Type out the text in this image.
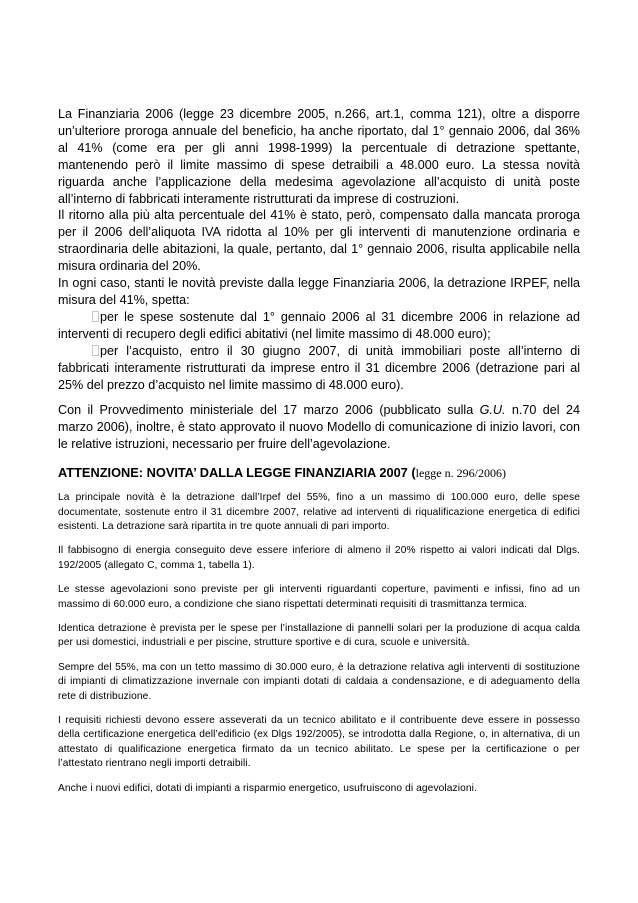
La Finanziaria 2006 (legge 23 dicembre 2005, n.266, art.1, comma 121), oltre a disporre un’ulteriore proroga annuale del beneficio, ha anche riportato, dal 1° gennaio 2006, dal 36% al 41% (come era per gli anni 1998-1999) la percentuale di detrazione spettante, mantenendo però il limite massimo di spese detraibili a 48.000 euro. La stessa novità riguarda anche l’applicazione della medesima agevolazione all’acquisto di unità poste all’interno di fabbricati interamente ristrutturati da imprese di costruzioni.

Il ritorno alla più alta percentuale del 41% è stato, però, compensato dalla mancata proroga per il 2006 dell’aliquota IVA ridotta al 10% per gli interventi di manutenzione ordinaria e straordinaria delle abitazioni, la quale, pertanto, dal 1° gennaio 2006, risulta applicabile nella misura ordinaria del 20%.

In ogni caso, stanti le novità previste dalla legge Finanziaria 2006, la detrazione IRPEF, nella misura del 41%, spetta:

per le spese sostenute dal 1° gennaio 2006 al 31 dicembre 2006 in relazione ad interventi di recupero degli edifici abitativi (nel limite massimo di 48.000 euro);

per l’acquisto, entro il 30 giugno 2007, di unità immobiliari poste all’interno di fabbricati interamente ristrutturati da imprese entro il 31 dicembre 2006 (detrazione pari al 25% del prezzo d’acquisto nel limite massimo di 48.000 euro).

Con il Provvedimento ministeriale del 17 marzo 2006 (pubblicato sulla G.U. n.70 del 24 marzo 2006), inoltre, è stato approvato il nuovo Modello di comunicazione di inizio lavori, con le relative istruzioni, necessario per fruire dell’agevolazione.

ATTENZIONE: NOVITA’ DALLA LEGGE FINANZIARIA 2007 (legge n. 296/2006)

La principale novità è la detrazione dall’Irpef del 55%, fino a un massimo di 100.000 euro, delle spese documentate, sostenute entro il 31 dicembre 2007, relative ad interventi di riqualificazione energetica di edifici esistenti. La detrazione sarà ripartita in tre quote annuali di pari importo.

Il fabbisogno di energia conseguito deve essere inferiore di almeno il 20% rispetto ai valori indicati dal Dlgs. 192/2005 (allegato C, comma 1, tabella 1).

Le stesse agevolazioni sono previste per gli interventi riguardanti coperture, pavimenti e infissi, fino ad un massimo di 60.000 euro, a condizione che siano rispettati determinati requisiti di trasmittanza termica.

Identica detrazione è prevista per le spese per l’installazione di pannelli solari per la produzione di acqua calda per usi domestici, industriali e per piscine, strutture sportive e di cura, scuole e università.

Sempre del 55%, ma con un tetto massimo di 30.000 euro, è la detrazione relativa agli interventi di sostituzione di impianti di climatizzazione invernale con impianti dotati di caldaia a condensazione, e di adeguamento della rete di distribuzione.

I requisiti richiesti devono essere asseverati da un tecnico abilitato e il contribuente deve essere in possesso della certificazione energetica dell’edificio (ex Dlgs 192/2005), se introdotta dalla Regione, o, in alternativa, di un attestato di qualificazione energetica firmato da un tecnico abilitato. Le spese per la certificazione o per l’attestato rientrano negli importi detraibili.

Anche i nuovi edifici, dotati di impianti a risparmio energetico, usufruiscono di agevolazioni.
